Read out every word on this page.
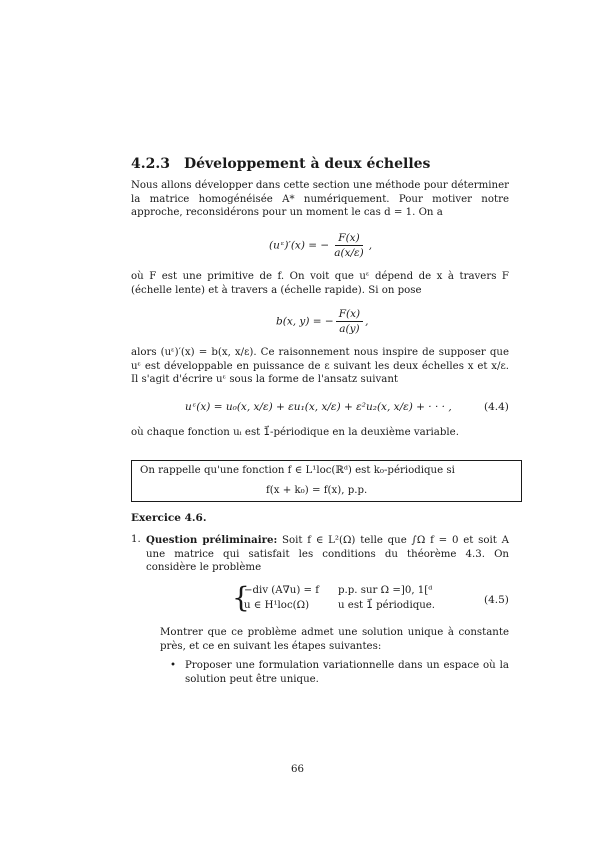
4.2.3 Développement à deux échelles

Nous allons développer dans cette section une méthode pour déterminer la matrice homogénéisée A* numériquement. Pour motiver notre approche, reconsidérons pour un moment le cas d = 1. On a

(uᵋ)′(x) = − $\frac{F(x)}{a(x/\varepsilon)}$ ,

où F est une primitive de f. On voit que uᵋ dépend de x à travers F (échelle lente) et à travers a (échelle rapide). Si on pose

b(x, y) = − $\frac{F(x)}{a(y)}$ ,

alors (uᵋ)′(x) = b(x, x/ε). Ce raisonnement nous inspire de supposer que uᵋ est développable en puissance de ε suivant les deux échelles x et x/ε. Il s'agit d'écrire uᵋ sous la forme de l'ansatz suivant

uᵋ(x) = u₀(x, x/ε) + εu₁(x, x/ε) + ε²u₂(x, x/ε) + · · · ,	(4.4)

où chaque fonction uᵢ est 1⃗-périodique en la deuxième variable.

On rappelle qu'une fonction f ∈ L¹loc(ℝᵈ) est k₀-périodique si
f(x + k₀) = f(x), p.p.
Exercice 4.6.
1. Question préliminaire: Soit f ∈ L²(Ω) telle que ∫Ω f = 0 et soit A une matrice qui satisfait les conditions du théorème 4.3. On considère le problème
{
−div (A∇u) = f p.p. sur Ω =]0, 1[ᵈ
u ∈ H¹loc(Ω)	u est 1⃗ périodique.	(4.5)
Montrer que ce problème admet une solution unique à constante près, et ce en suivant les étapes suivantes:
• Proposer une formulation variationnelle dans un espace où la solution peut être unique.
66
